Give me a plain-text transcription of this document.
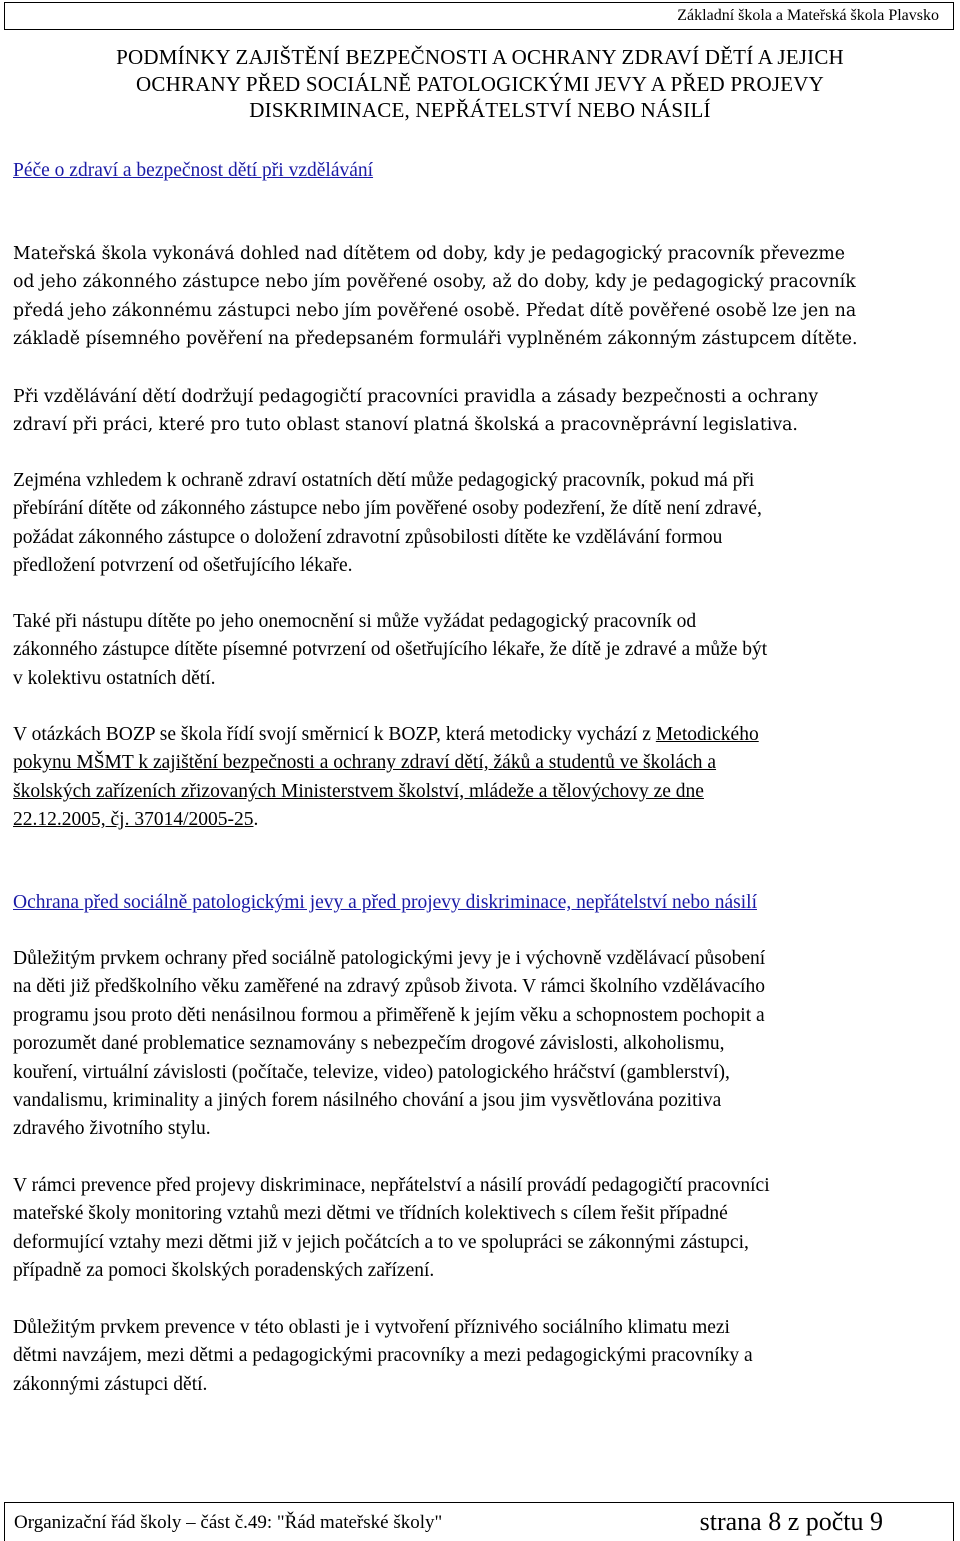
Základní škola a Mateřská škola Plavsko
PODMÍNKY ZAJIŠTĚNÍ BEZPEČNOSTI A OCHRANY ZDRAVÍ DĚTÍ A JEJICH
OCHRANY PŘED SOCIÁLNĚ PATOLOGICKÝMI JEVY A PŘED PROJEVY
DISKRIMINACE, NEPŘÁTELSTVÍ NEBO NÁSILÍ
Péče o zdraví a bezpečnost dětí při vzdělávání
Mateřská škola vykonává dohled nad dítětem od doby, kdy je pedagogický pracovník převezme
od jeho zákonného zástupce nebo jím pověřené osoby, až do doby, kdy je pedagogický pracovník
předá jeho zákonnému zástupci nebo jím pověřené osobě. Předat dítě pověřené osobě lze jen na
základě písemného pověření na předepsaném formuláři vyplněném zákonným zástupcem dítěte.
Při vzdělávání dětí dodržují pedagogičtí pracovníci pravidla a zásady bezpečnosti a ochrany
zdraví při práci, které pro tuto oblast stanoví platná školská a pracovněprávní legislativa.
Zejména vzhledem k ochraně zdraví ostatních dětí může pedagogický pracovník, pokud má při
přebírání dítěte od zákonného zástupce nebo jím pověřené osoby podezření, že dítě není zdravé,
požádat zákonného zástupce o doložení zdravotní způsobilosti dítěte ke vzdělávání formou
předložení potvrzení od ošetřujícího lékaře.
Také při nástupu dítěte po jeho onemocnění si může vyžádat pedagogický pracovník od
zákonného zástupce dítěte písemné potvrzení od ošetřujícího lékaře, že dítě je zdravé a může být
v kolektivu ostatních dětí.
V otázkách BOZP se škola řídí svojí směrnicí k BOZP, která metodicky vychází z Metodického
pokynu MŠMT k zajištění bezpečnosti a ochrany zdraví dětí, žáků a studentů ve školách a
školských zařízeních zřizovaných Ministerstvem školství, mládeže a tělovýchovy ze dne
22.12.2005, čj. 37014/2005-25.
Ochrana před sociálně patologickými jevy a před projevy diskriminace, nepřátelství nebo násilí
Důležitým prvkem ochrany před sociálně patologickými jevy je i výchovně vzdělávací působení
na děti již předškolního věku zaměřené na zdravý způsob života. V rámci školního vzdělávacího
programu jsou proto děti nenásilnou formou a přiměřeně k jejím věku a schopnostem pochopit a
porozumět dané problematice seznamovány s nebezpečím drogové závislosti, alkoholismu,
kouření, virtuální závislosti (počítače, televize, video) patologického hráčství (gamblerství),
vandalismu, kriminality a jiných forem násilného chování a jsou jim vysvětlována pozitiva
zdravého životního stylu.
V rámci prevence před projevy diskriminace, nepřátelství a násilí provádí pedagogičtí pracovníci
mateřské školy monitoring vztahů mezi dětmi ve třídních kolektivech s cílem řešit případné
deformující vztahy mezi dětmi již v jejich počátcích a to ve spolupráci se zákonnými zástupci,
případně za pomoci školských poradenských zařízení.
Důležitým prvkem prevence v této oblasti je i vytvoření příznivého sociálního klimatu mezi
dětmi navzájem, mezi dětmi a pedagogickými pracovníky a mezi pedagogickými pracovníky a
zákonnými zástupci dětí.
Organizační řád školy – část č.49: "Řád mateřské školy"	strana 8 z počtu 9
